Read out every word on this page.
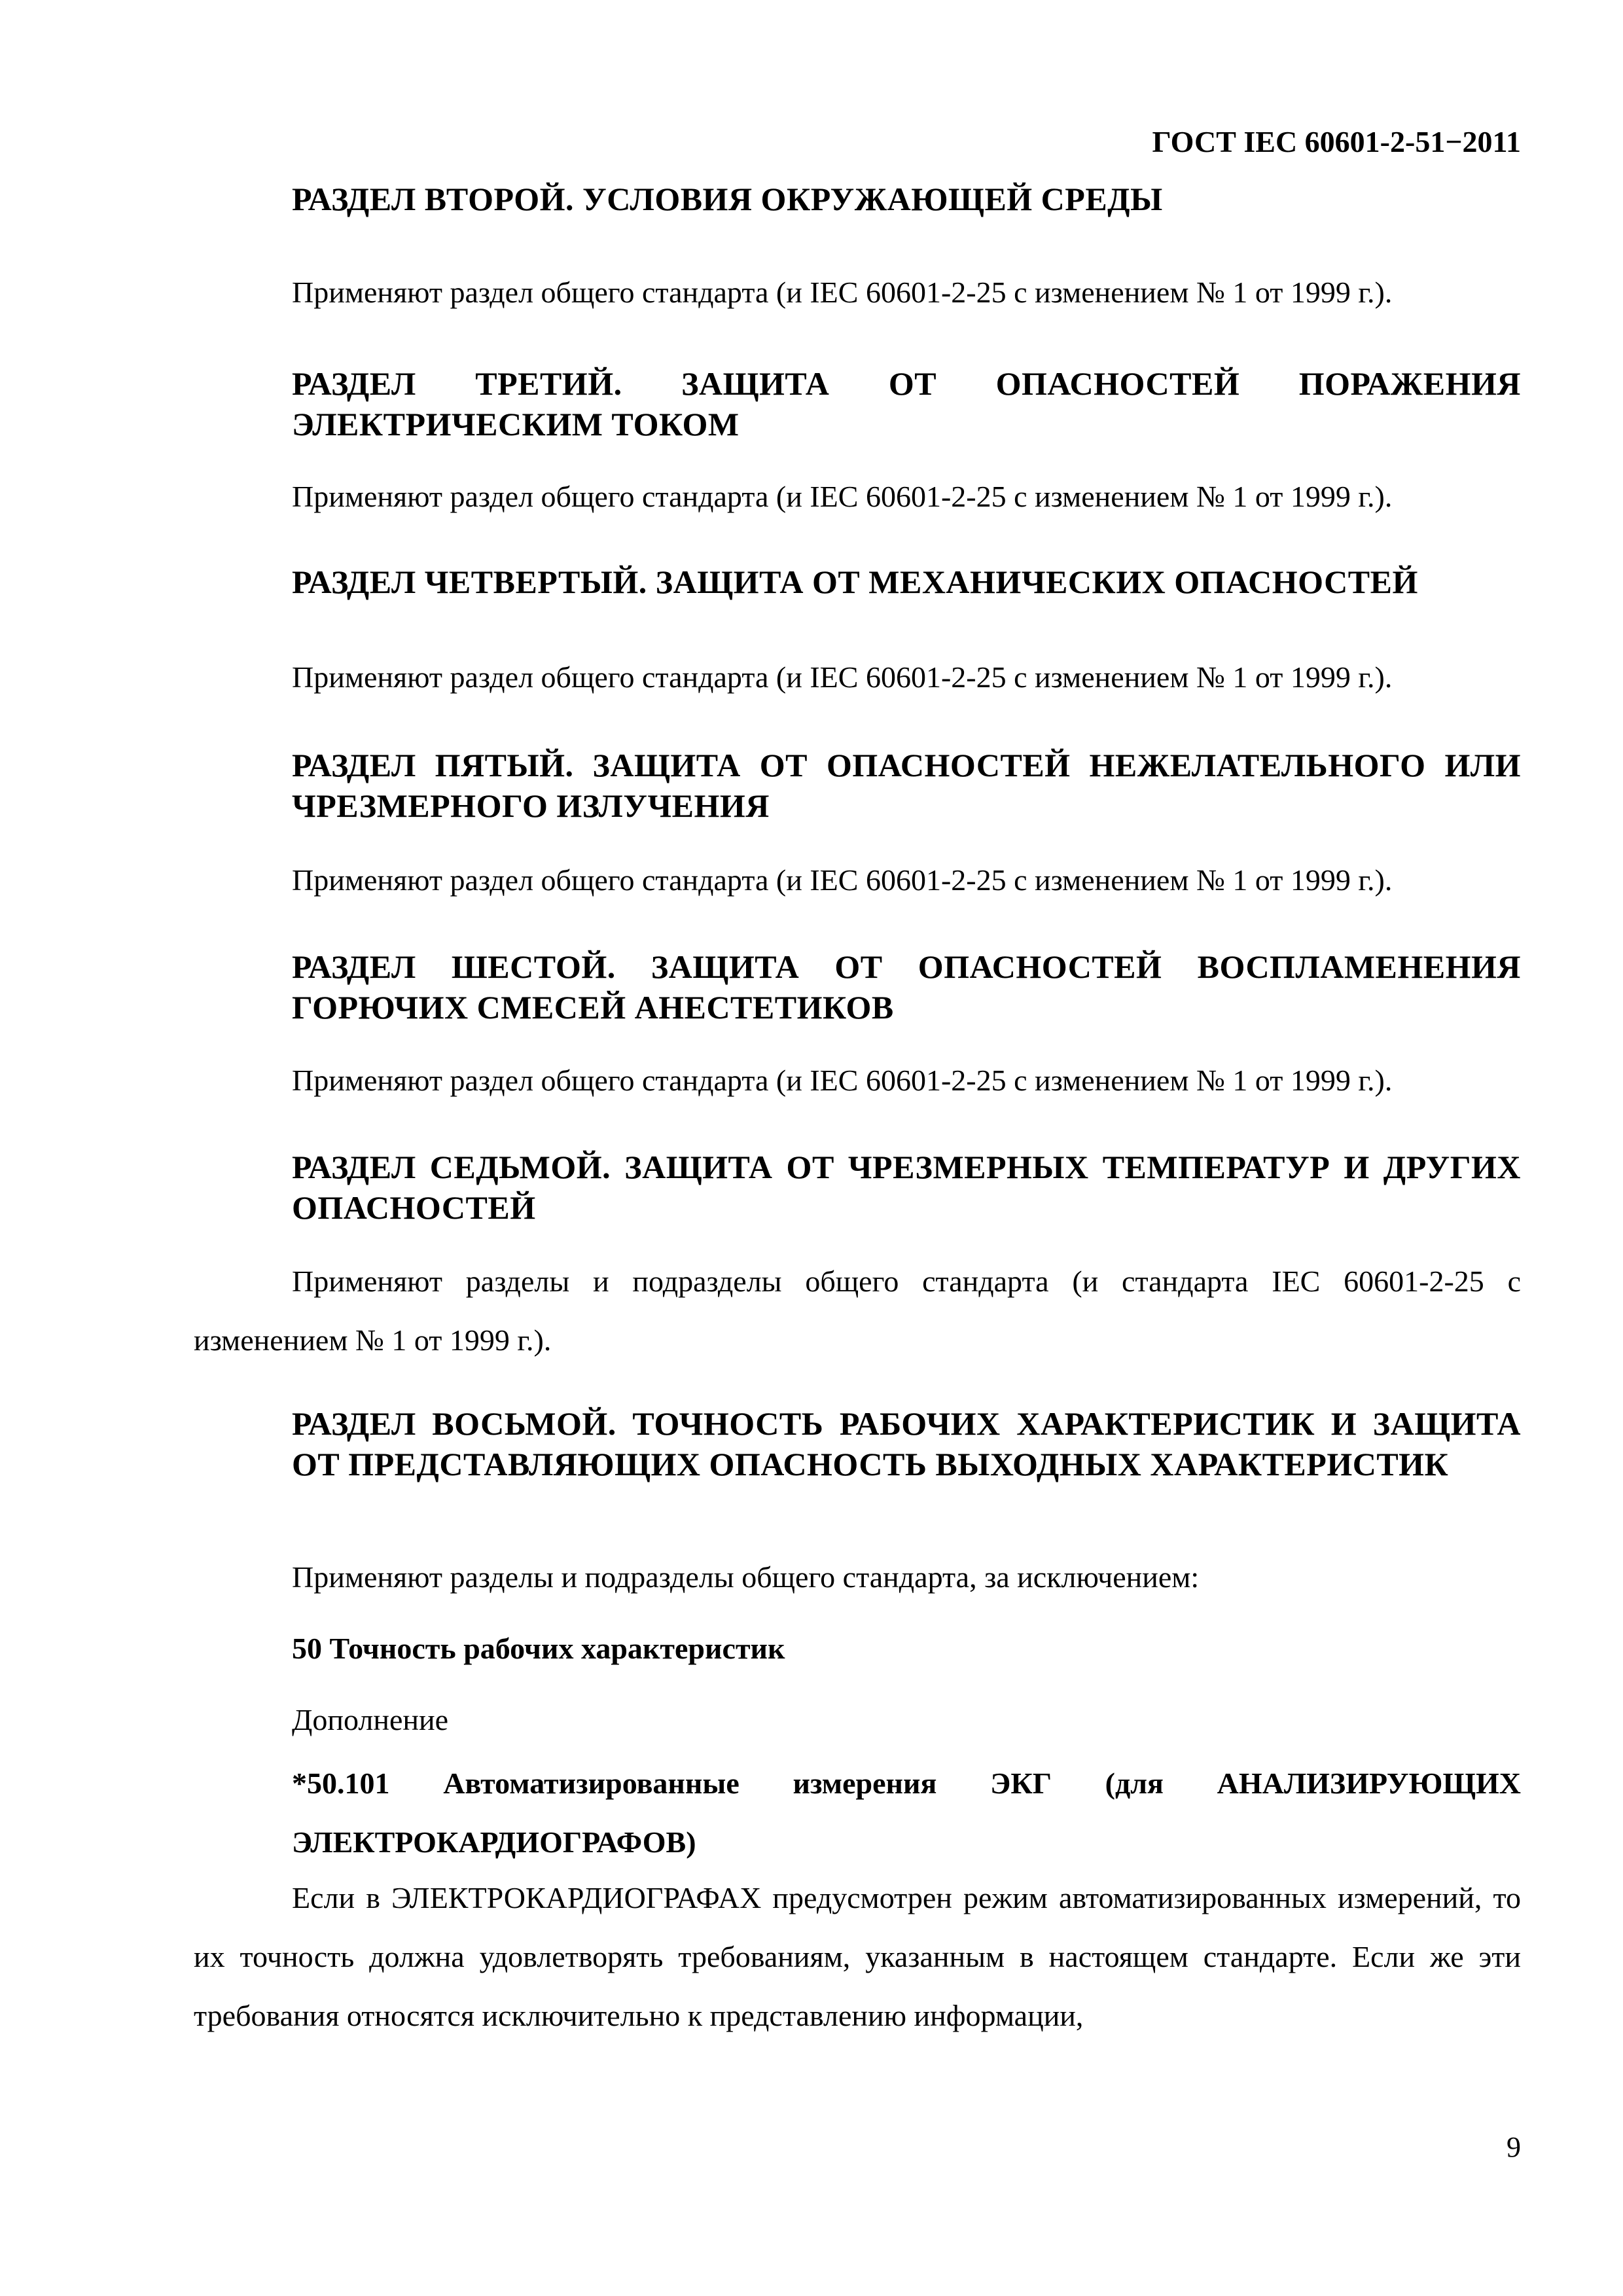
ГОСТ IEC 60601-2-51−2011
РАЗДЕЛ ВТОРОЙ. УСЛОВИЯ ОКРУЖАЮЩЕЙ СРЕДЫ
Применяют раздел общего стандарта (и IEC 60601-2-25 с изменением № 1 от 1999 г.).
РАЗДЕЛ ТРЕТИЙ. ЗАЩИТА ОТ ОПАСНОСТЕЙ ПОРАЖЕНИЯ ЭЛЕКТРИЧЕСКИМ ТОКОМ
Применяют раздел общего стандарта (и IEC 60601-2-25 с изменением № 1 от 1999 г.).
РАЗДЕЛ ЧЕТВЕРТЫЙ. ЗАЩИТА ОТ МЕХАНИЧЕСКИХ ОПАСНОСТЕЙ
Применяют раздел общего стандарта (и IEC 60601-2-25 с изменением № 1 от 1999 г.).
РАЗДЕЛ ПЯТЫЙ. ЗАЩИТА ОТ ОПАСНОСТЕЙ НЕЖЕЛАТЕЛЬНОГО ИЛИ ЧРЕЗМЕРНОГО ИЗЛУЧЕНИЯ
Применяют раздел общего стандарта (и IEC 60601-2-25 с изменением № 1 от 1999 г.).
РАЗДЕЛ ШЕСТОЙ. ЗАЩИТА ОТ ОПАСНОСТЕЙ ВОСПЛАМЕНЕНИЯ ГОРЮЧИХ СМЕСЕЙ АНЕСТЕТИКОВ
Применяют раздел общего стандарта (и IEC 60601-2-25 с изменением № 1 от 1999 г.).
РАЗДЕЛ СЕДЬМОЙ. ЗАЩИТА ОТ ЧРЕЗМЕРНЫХ ТЕМПЕРАТУР И ДРУГИХ ОПАСНОСТЕЙ
Применяют разделы и подразделы общего стандарта (и стандарта IEC 60601-2-25 с изменением № 1 от 1999 г.).
РАЗДЕЛ ВОСЬМОЙ. ТОЧНОСТЬ РАБОЧИХ ХАРАКТЕРИСТИК И ЗАЩИТА ОТ ПРЕДСТАВЛЯЮЩИХ ОПАСНОСТЬ ВЫХОДНЫХ ХАРАКТЕРИСТИК
Применяют разделы и подразделы общего стандарта, за исключением:
50 Точность рабочих характеристик
Дополнение
*50.101 Автоматизированные измерения ЭКГ (для АНАЛИЗИРУЮЩИХ ЭЛЕКТРОКАРДИОГРАФОВ)
Если в ЭЛЕКТРОКАРДИОГРАФАХ предусмотрен режим автоматизированных измерений, то их точность должна удовлетворять требованиям, указанным в настоящем стандарте. Если же эти требования относятся исключительно к представлению информации,
9
